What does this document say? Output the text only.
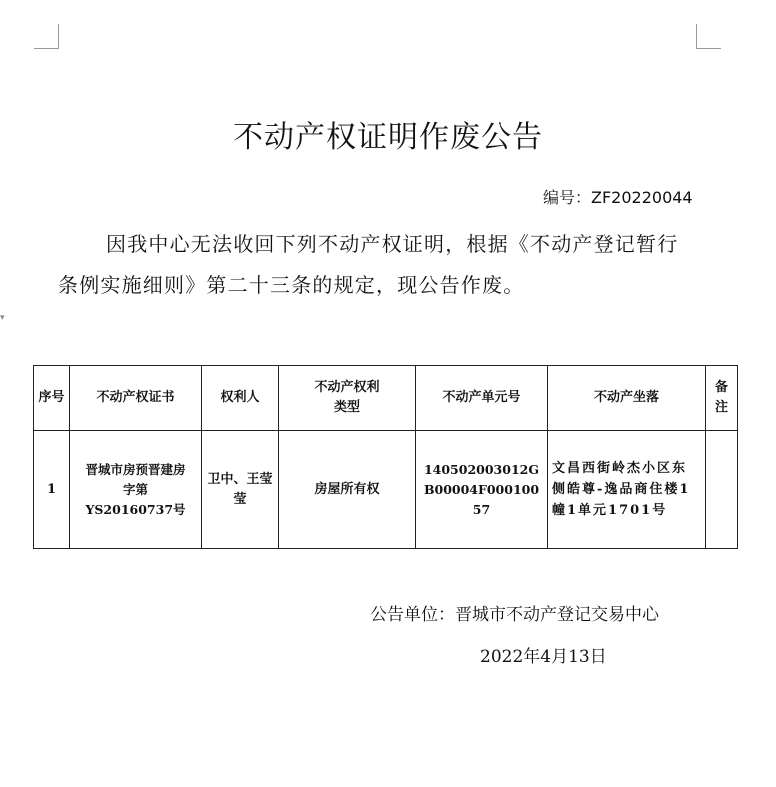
▾
不动产权证明作废公告
编号：ZF20220044

因我中心无法收回下列不动产权证明，根据《不动产登记暂行条例实施细则》第二十三条的规定，现公告作废。

序号	不动产权证书	权利人	不动产权利类型	不动产单元号	不动产坐落	备注
1	晋城市房预晋建房字第YS20160737号	卫中、王莹莹	房屋所有权	140502003012GB00004F00010057	文昌西街岭杰小区东侧皓尊-逸品商住楼1幢1单元1701号	
公告单位：晋城市不动产登记交易中心
2022年4月13日
